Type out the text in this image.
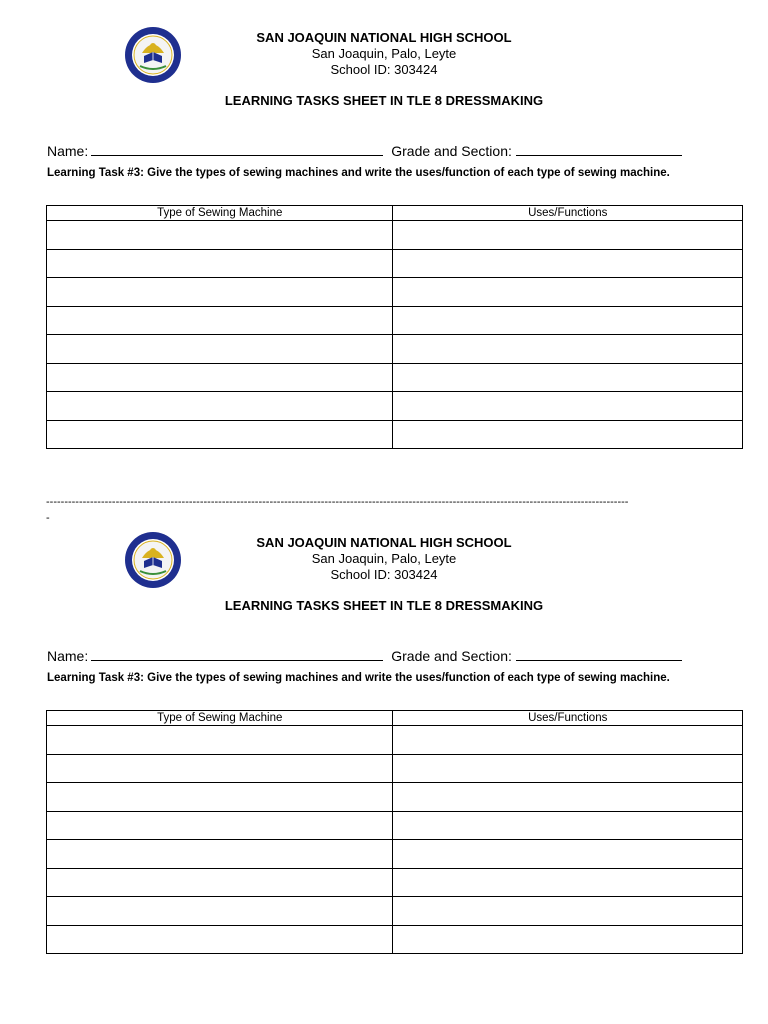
SAN JOAQUIN NATIONAL HIGH SCHOOL
San Joaquin, Palo, Leyte
School ID: 303424
LEARNING TASKS SHEET IN TLE 8 DRESSMAKING
Name:	Grade and Section:
Learning Task #3: Give the types of sewing machines and write the uses/function of each type of sewing machine.
Type of Sewing Machine	Uses/Functions

---------------------------------------------------------------------------------------------------------------------------------------------------------------
-
SAN JOAQUIN NATIONAL HIGH SCHOOL
San Joaquin, Palo, Leyte
School ID: 303424
LEARNING TASKS SHEET IN TLE 8 DRESSMAKING
Name:	Grade and Section:
Learning Task #3: Give the types of sewing machines and write the uses/function of each type of sewing machine.
Type of Sewing Machine	Uses/Functions
